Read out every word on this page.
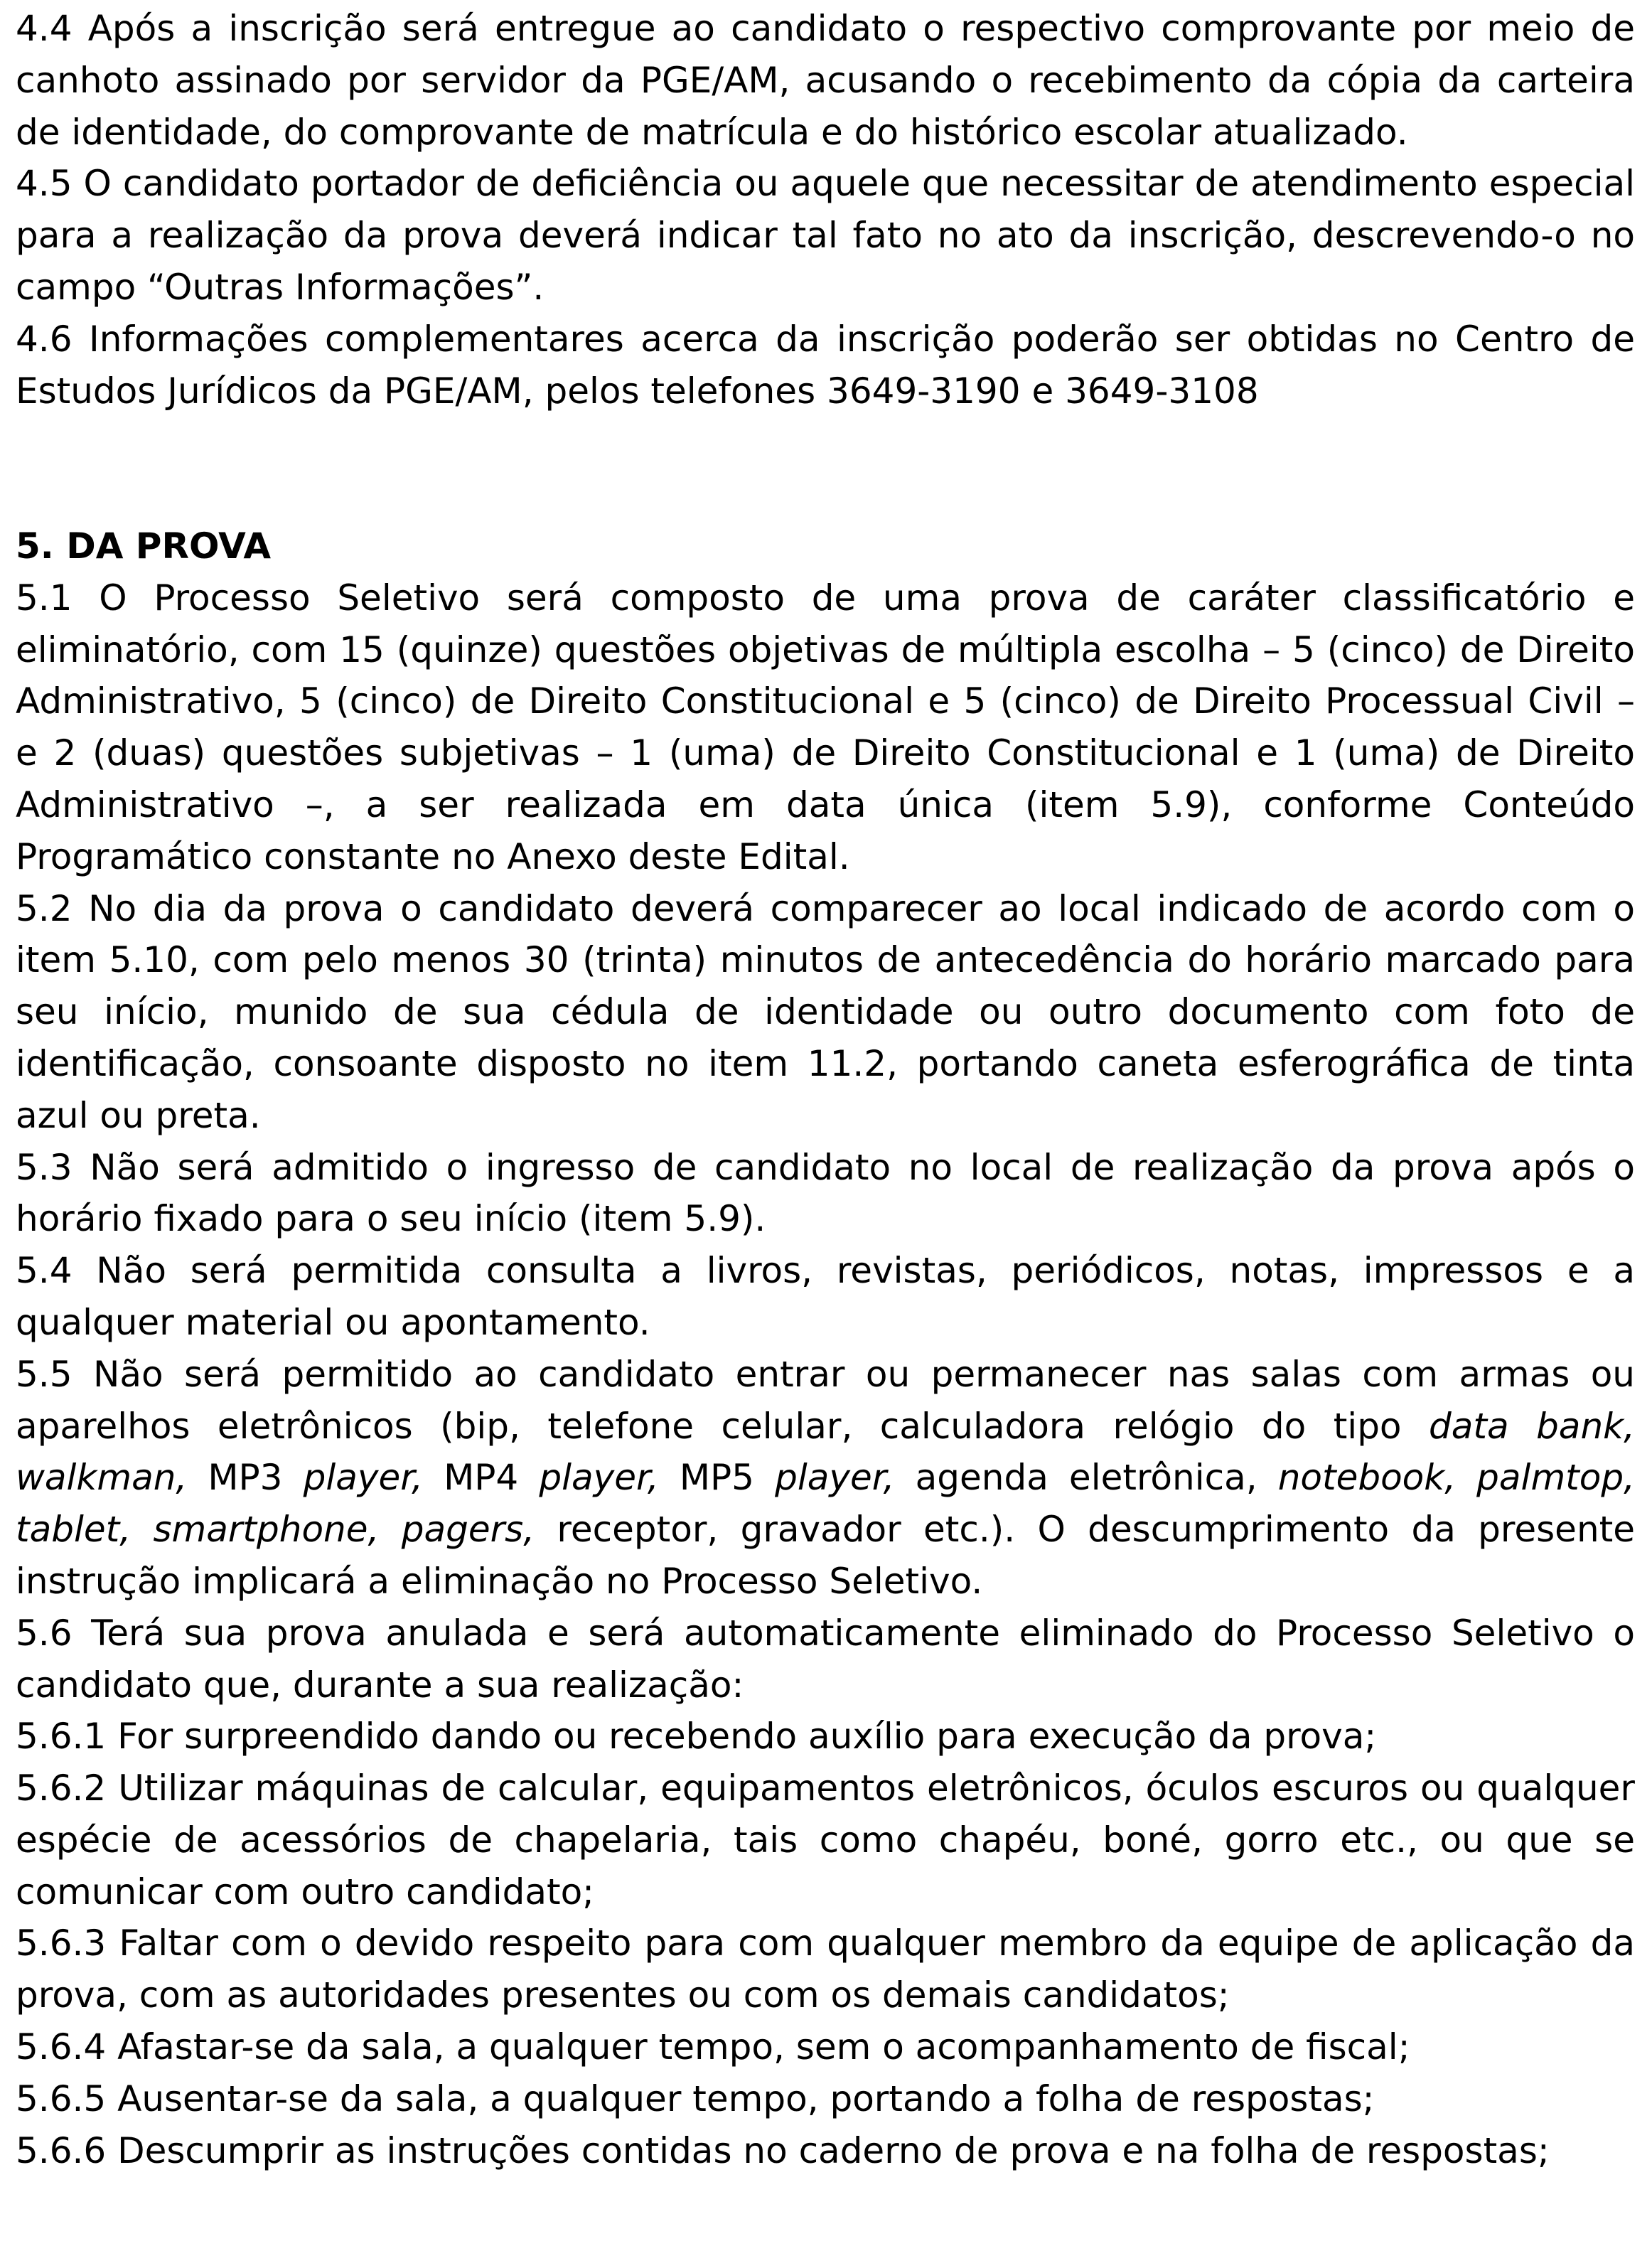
4.4 Após a inscrição será entregue ao candidato o respectivo comprovante por meio de canhoto assinado por servidor da PGE/AM, acusando o recebimento da cópia da carteira de identidade, do comprovante de matrícula e do histórico escolar atualizado.

4.5 O candidato portador de deficiência ou aquele que necessitar de atendimento especial para a realização da prova deverá indicar tal fato no ato da inscrição, descrevendo-o no campo “Outras Informações”.

4.6 Informações complementares acerca da inscrição poderão ser obtidas no Centro de Estudos Jurídicos da PGE/AM, pelos telefones 3649-3190 e 3649-3108

5. DA PROVA

5.1 O Processo Seletivo será composto de uma prova de caráter classificatório e eliminatório, com 15 (quinze) questões objetivas de múltipla escolha – 5 (cinco) de Direito Administrativo, 5 (cinco) de Direito Constitucional e 5 (cinco) de Direito Processual Civil – e 2 (duas) questões subjetivas – 1 (uma) de Direito Constitucional e 1 (uma) de Direito Administrativo –, a ser realizada em data única (item 5.9), conforme Conteúdo Programático constante no Anexo deste Edital.

5.2 No dia da prova o candidato deverá comparecer ao local indicado de acordo com o item 5.10, com pelo menos 30 (trinta) minutos de antecedência do horário marcado para seu início, munido de sua cédula de identidade ou outro documento com foto de identificação, consoante disposto no item 11.2, portando caneta esferográfica de tinta azul ou preta.

5.3 Não será admitido o ingresso de candidato no local de realização da prova após o horário fixado para o seu início (item 5.9).

5.4 Não será permitida consulta a livros, revistas, periódicos, notas, impressos e a qualquer material ou apontamento.

5.5 Não será permitido ao candidato entrar ou permanecer nas salas com armas ou aparelhos eletrônicos (bip, telefone celular, calculadora relógio do tipo data bank, walkman, MP3 player, MP4 player, MP5 player, agenda eletrônica, notebook, palmtop, tablet, smartphone, pagers, receptor, gravador etc.). O descumprimento da presente instrução implicará a eliminação no Processo Seletivo.

5.6 Terá sua prova anulada e será automaticamente eliminado do Processo Seletivo o candidato que, durante a sua realização:

5.6.1 For surpreendido dando ou recebendo auxílio para execução da prova;

5.6.2 Utilizar máquinas de calcular, equipamentos eletrônicos, óculos escuros ou qualquer espécie de acessórios de chapelaria, tais como chapéu, boné, gorro etc., ou que se comunicar com outro candidato;

5.6.3 Faltar com o devido respeito para com qualquer membro da equipe de aplicação da prova, com as autoridades presentes ou com os demais candidatos;

5.6.4 Afastar-se da sala, a qualquer tempo, sem o acompanhamento de fiscal;

5.6.5 Ausentar-se da sala, a qualquer tempo, portando a folha de respostas;

5.6.6 Descumprir as instruções contidas no caderno de prova e na folha de respostas;
